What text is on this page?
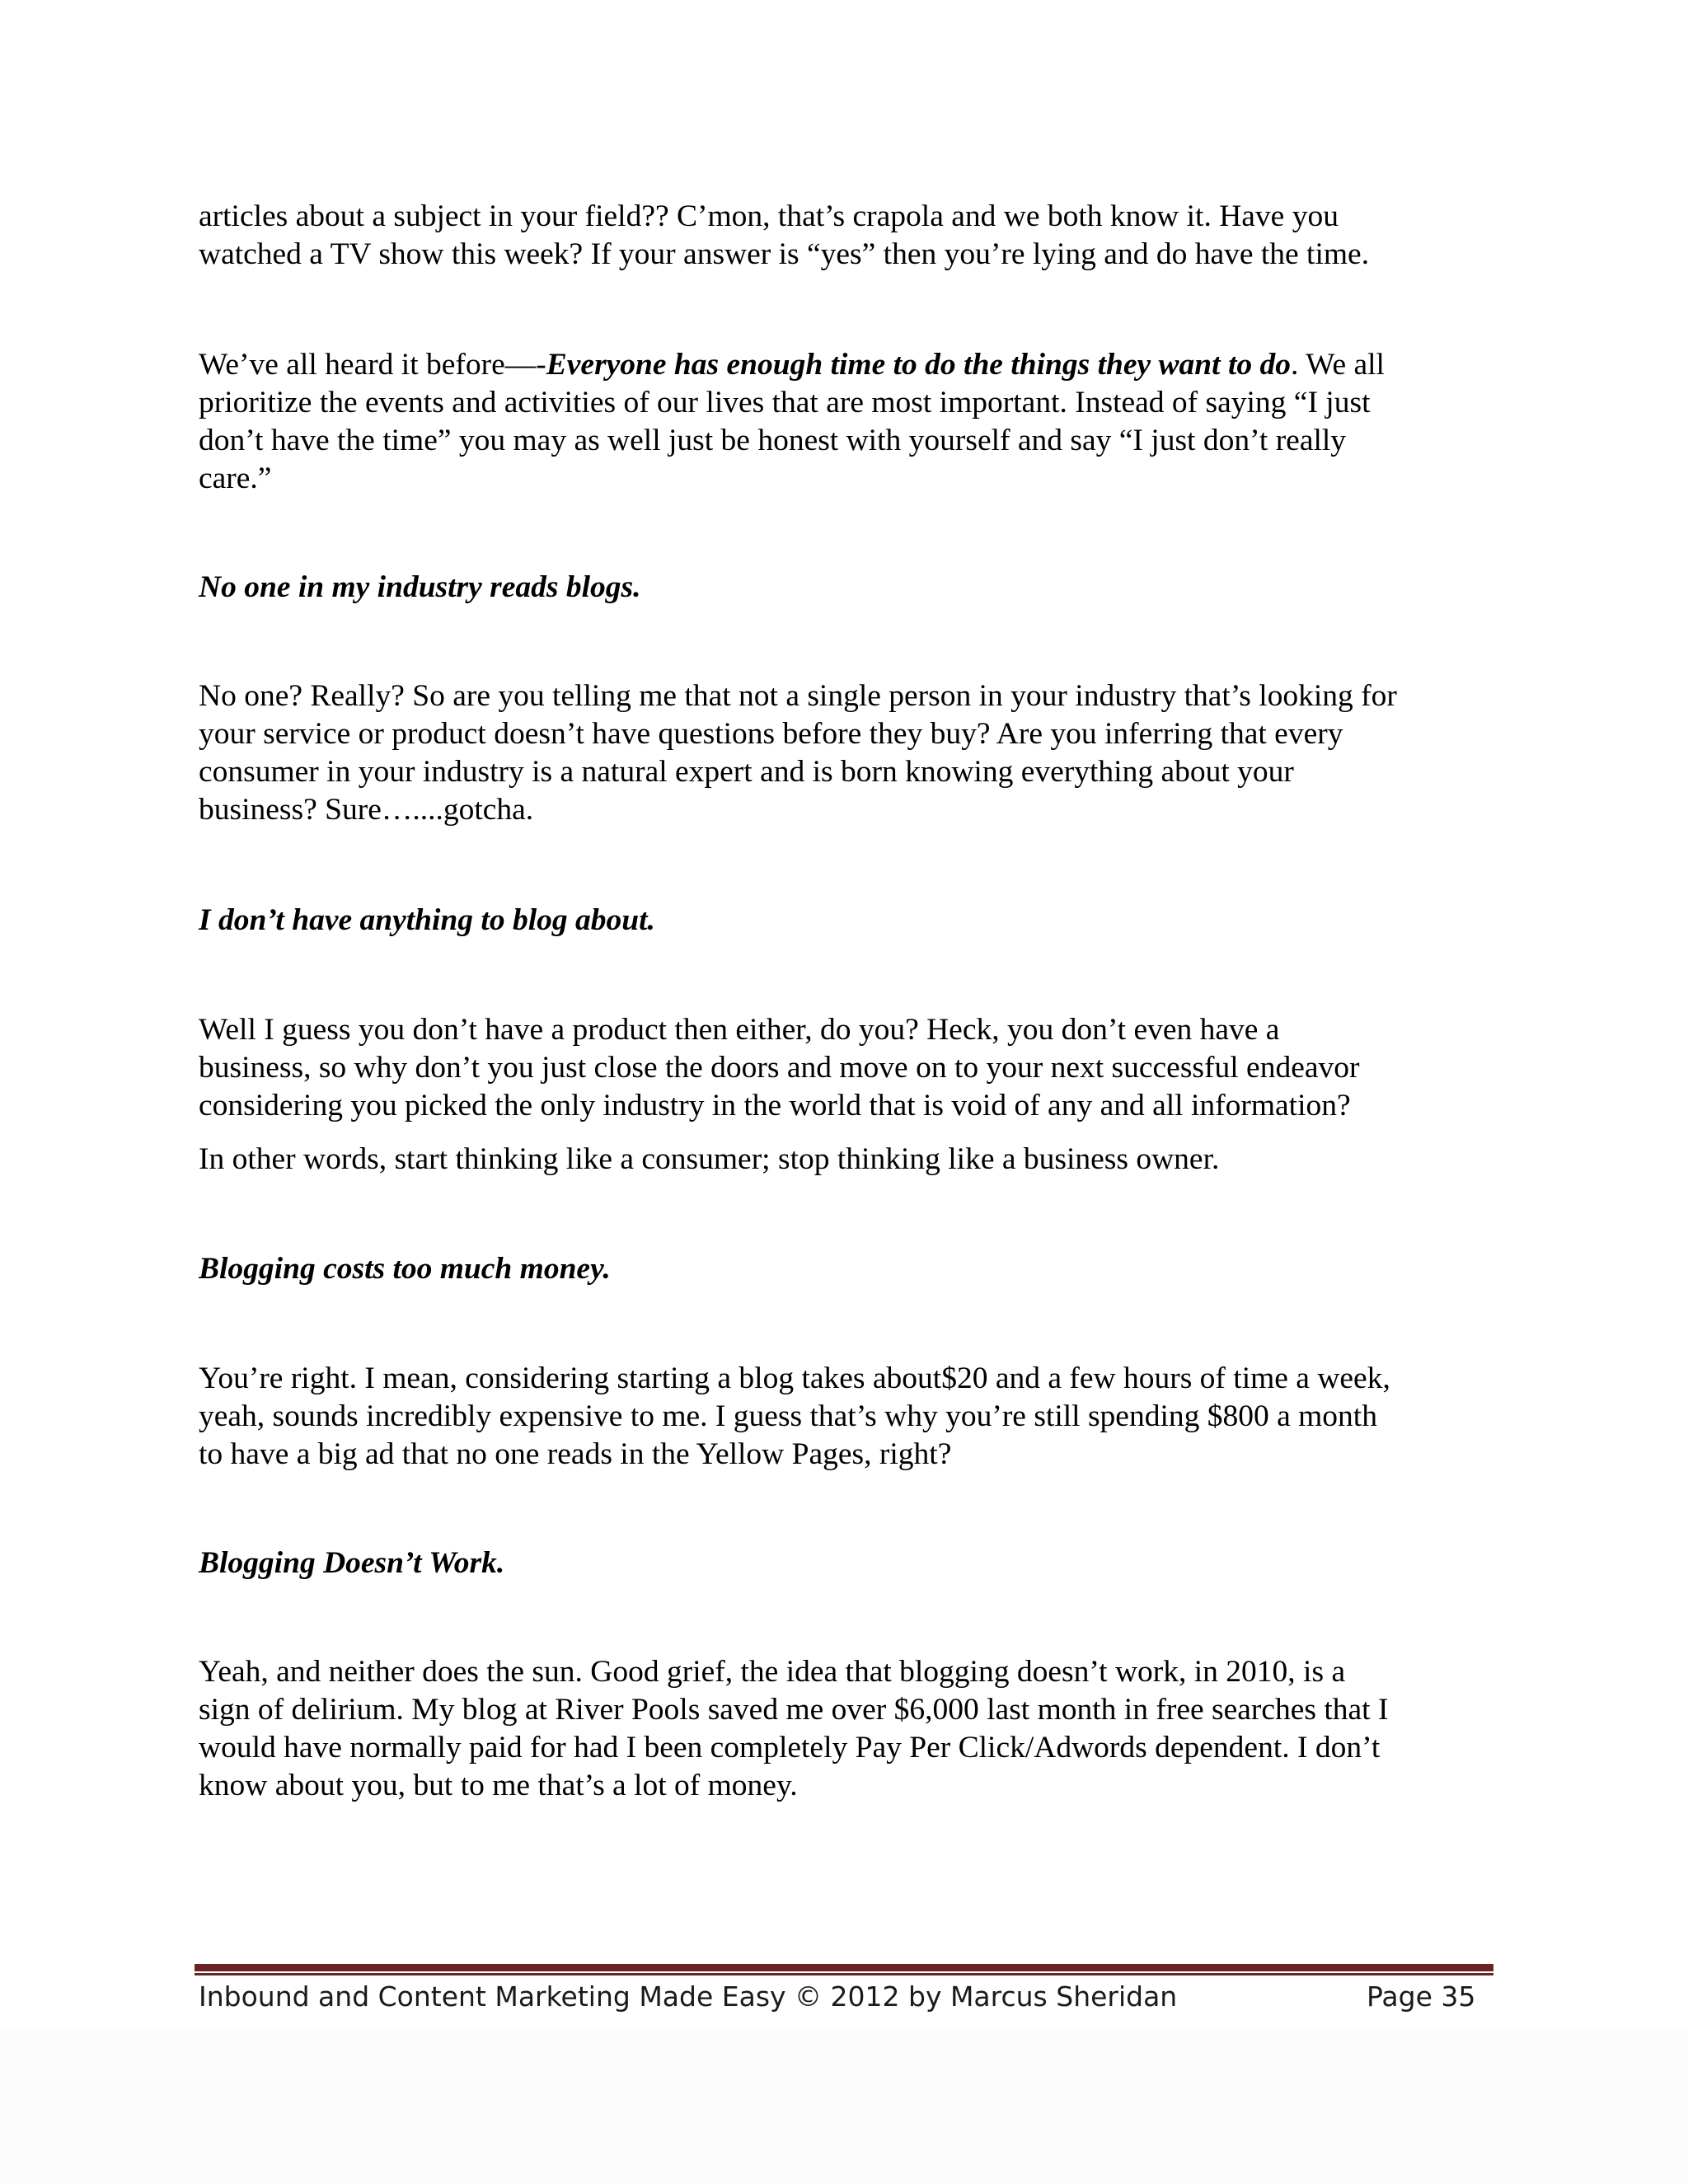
articles about a subject in your field?? C’mon, that’s crapola and we both know it. Have you
watched a TV show this week? If your answer is “yes” then you’re lying and do have the time.
We’ve all heard it before—-Everyone has enough time to do the things they want to do. We all
prioritize the events and activities of our lives that are most important. Instead of saying “I just
don’t have the time” you may as well just be honest with yourself and say “I just don’t really
care.”
No one in my industry reads blogs.
No one? Really? So are you telling me that not a single person in your industry that’s looking for
your service or product doesn’t have questions before they buy? Are you inferring that every
consumer in your industry is a natural expert and is born knowing everything about your
business? Sure…....gotcha.
I don’t have anything to blog about.
Well I guess you don’t have a product then either, do you? Heck, you don’t even have a
business, so why don’t you just close the doors and move on to your next successful endeavor
considering you picked the only industry in the world that is void of any and all information?
In other words, start thinking like a consumer; stop thinking like a business owner.
Blogging costs too much money.
You’re right. I mean, considering starting a blog takes about$20 and a few hours of time a week,
yeah, sounds incredibly expensive to me. I guess that’s why you’re still spending $800 a month
to have a big ad that no one reads in the Yellow Pages, right?
Blogging Doesn’t Work.
Yeah, and neither does the sun. Good grief, the idea that blogging doesn’t work, in 2010, is a
sign of delirium. My blog at River Pools saved me over $6,000 last month in free searches that I
would have normally paid for had I been completely Pay Per Click/Adwords dependent. I don’t
know about you, but to me that’s a lot of money.
Inbound and Content Marketing Made Easy © 2012 by Marcus Sheridan	Page 35
